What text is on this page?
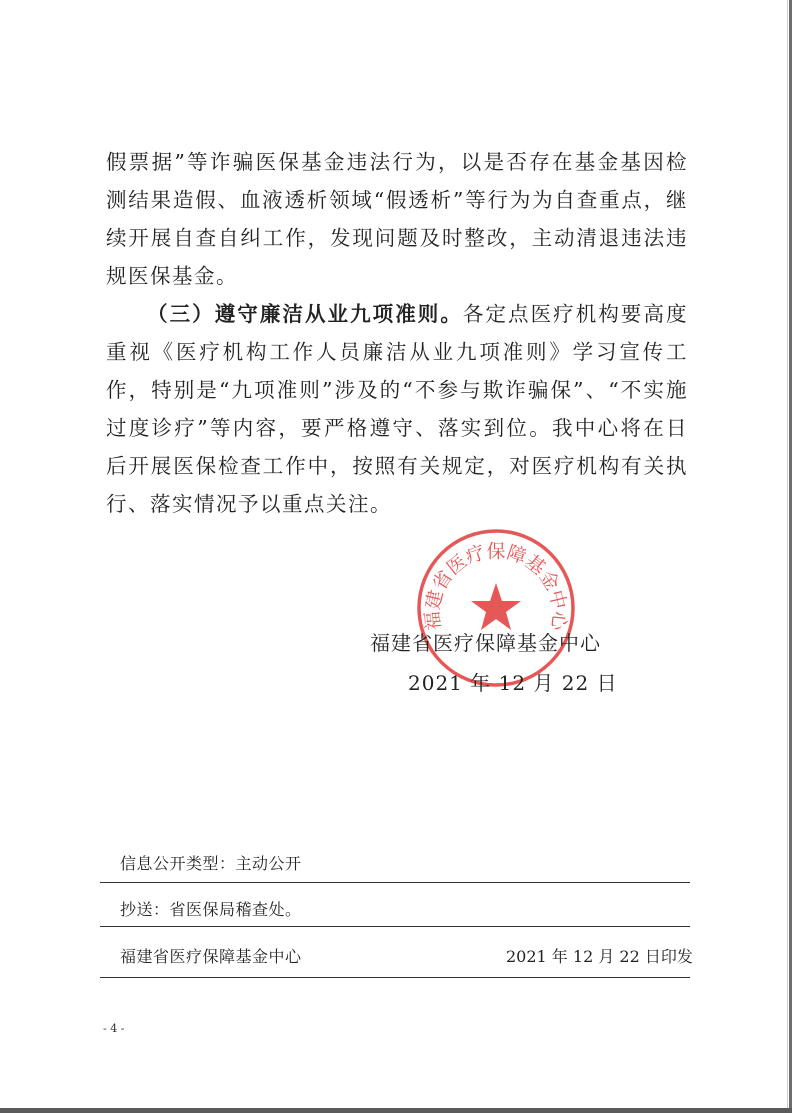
假票据”等诈骗医保基金违法行为，以是否存在基金基因检测结果造假、血液透析领域“假透析”等行为为自查重点，继续开展自查自纠工作，发现问题及时整改，主动清退违法违规医保基金。

（三）遵守廉洁从业九项准则。各定点医疗机构要高度重视《医疗机构工作人员廉洁从业九项准则》学习宣传工作，特别是“九项准则”涉及的“不参与欺诈骗保”、“不实施过度诊疗”等内容，要严格遵守、落实到位。我中心将在日后开展医保检查工作中，按照有关规定，对医疗机构有关执行、落实情况予以重点关注。

福建省医疗保障基金中心
福建省医疗保障基金中心
2021 年 12 月 22 日
信息公开类型：主动公开
抄送：省医保局稽查处。
福建省医疗保障基金中心	2021 年 12 月 22 日印发
- 4 -
